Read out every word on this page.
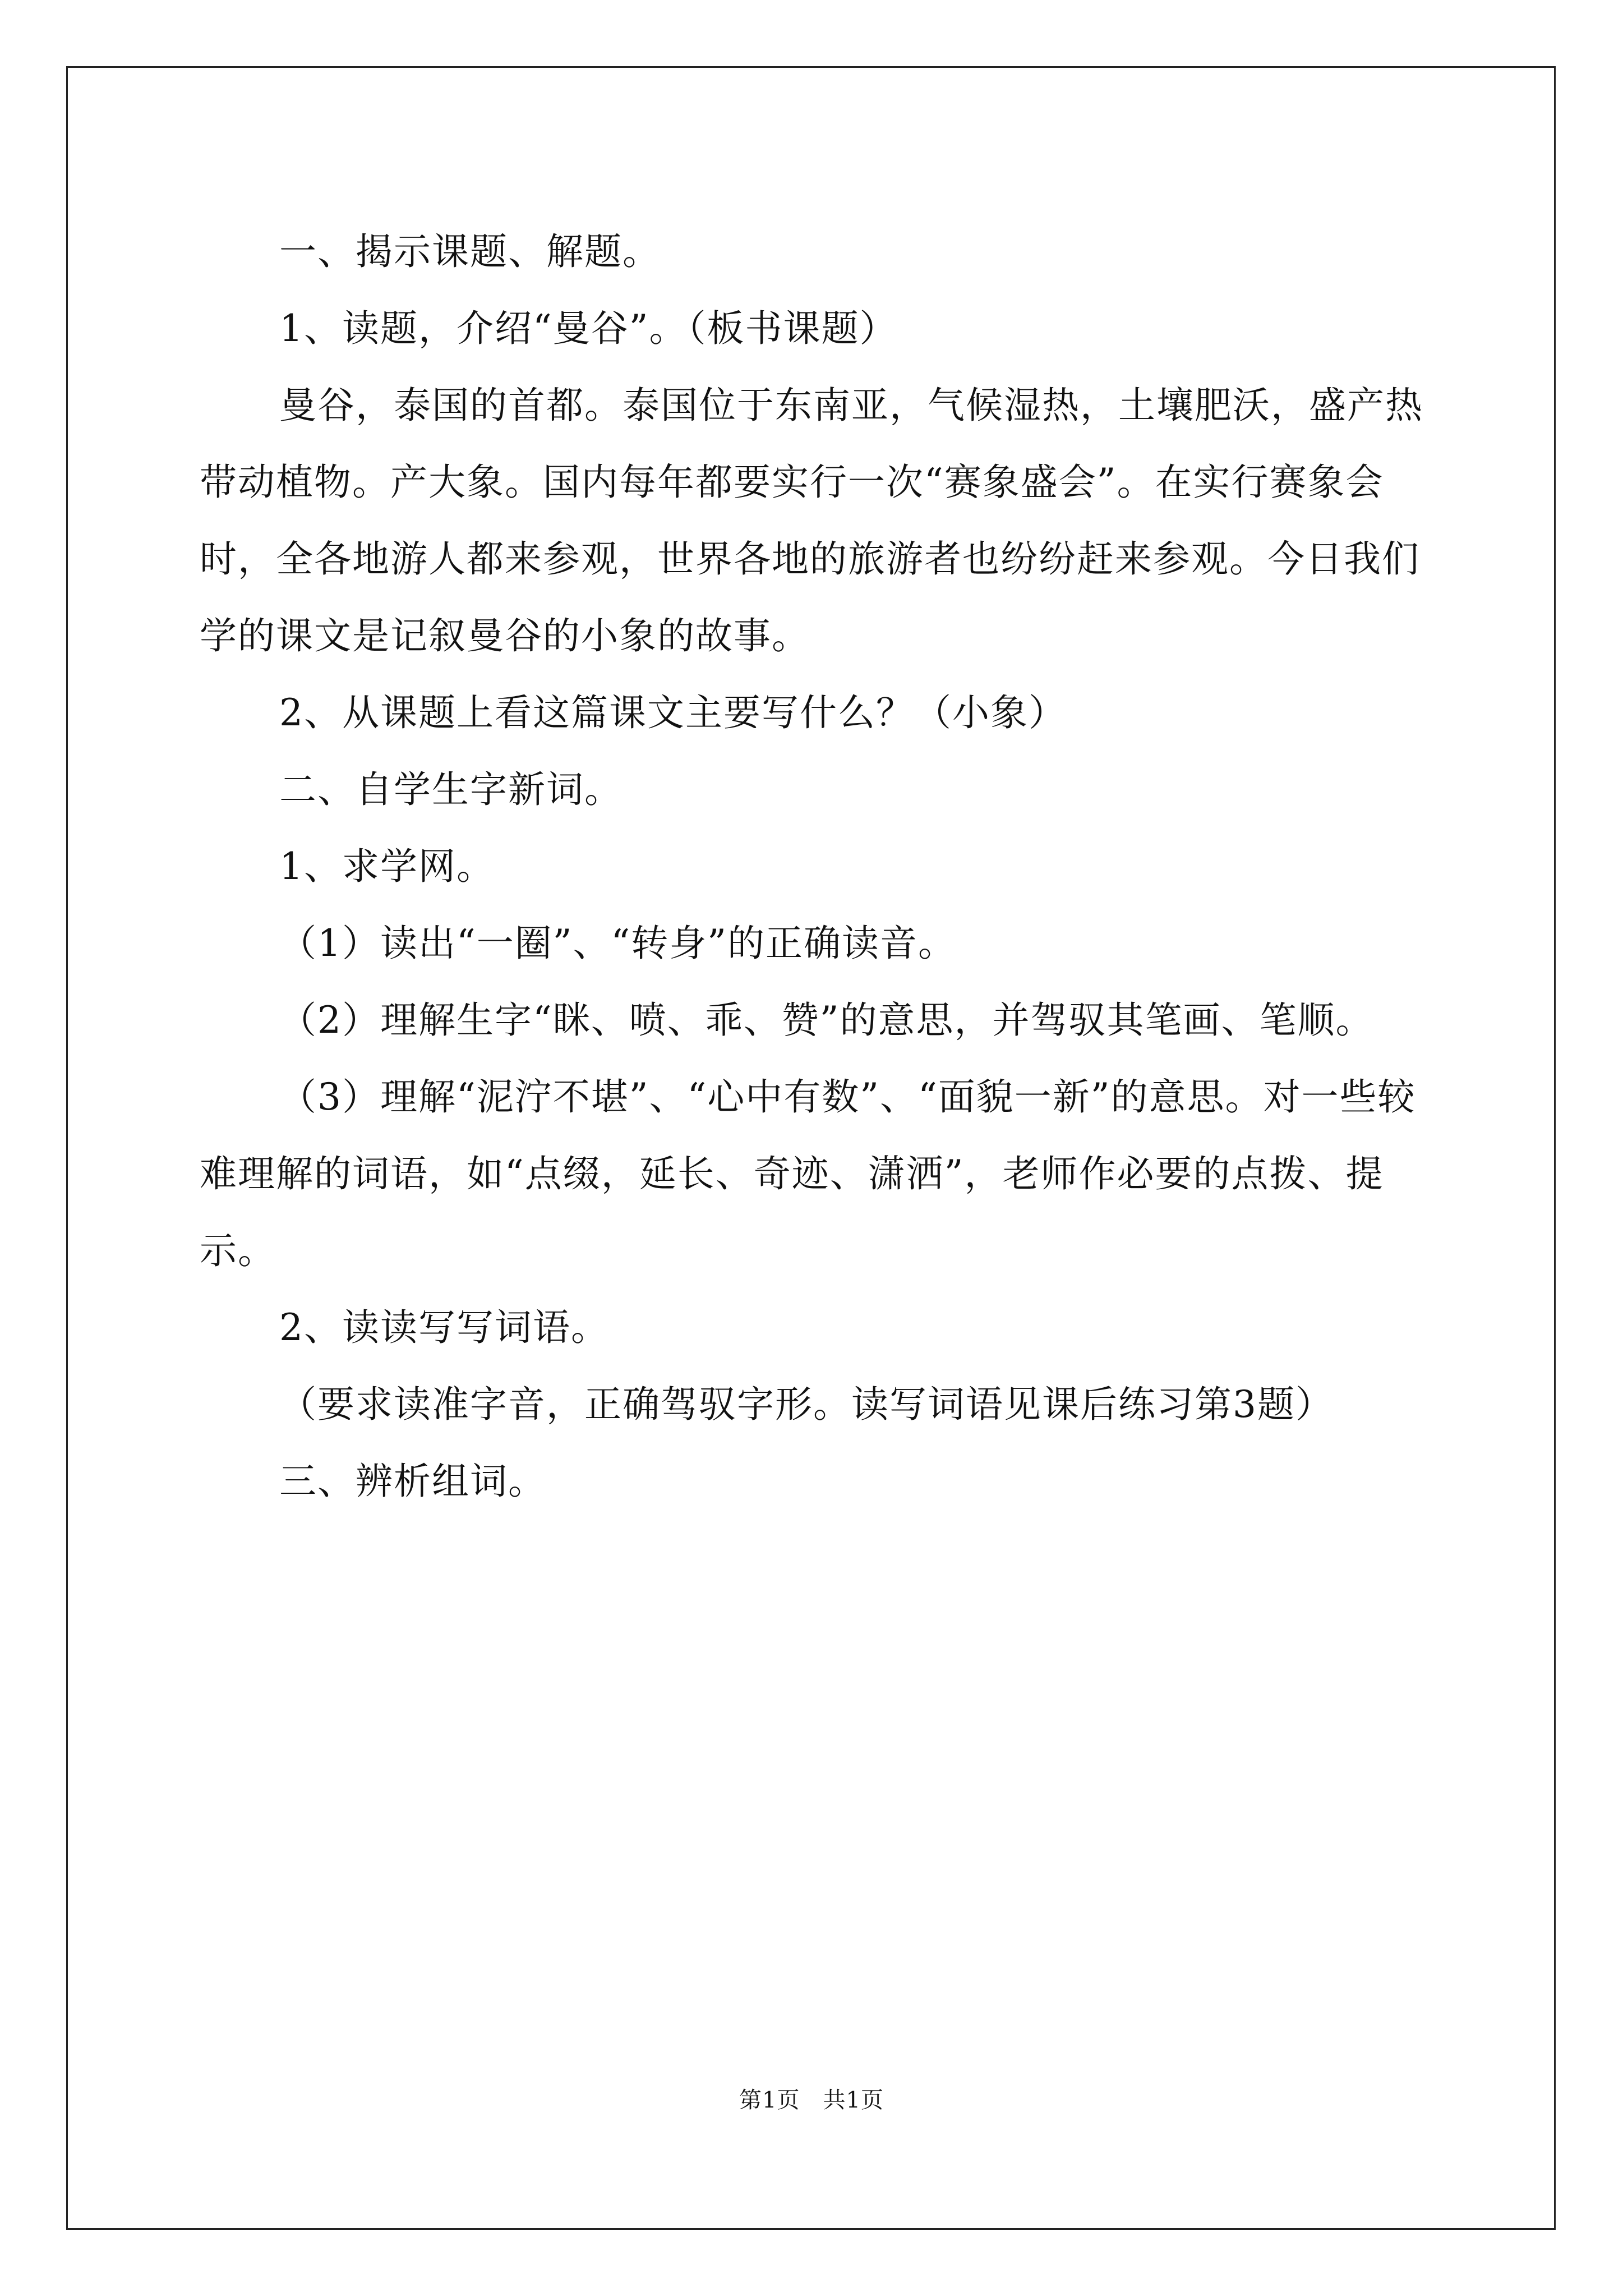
一、揭示课题、解题。

1、读题，介绍“曼谷”。（板书课题）

曼谷，泰国的首都。泰国位于东南亚，气候湿热，土壤肥沃，盛产热带动植物。产大象。国内每年都要实行一次“赛象盛会”。在实行赛象会时，全各地游人都来参观，世界各地的旅游者也纷纷赶来参观。今日我们学的课文是记叙曼谷的小象的故事。

2、从课题上看这篇课文主要写什么？（小象）

二、自学生字新词。

1、求学网。

（1）读出“一圈”、“转身”的正确读音。

（2）理解生字“眯、喷、乖、赞”的意思，并驾驭其笔画、笔顺。

（3）理解“泥泞不堪”、“心中有数”、“面貌一新”的意思。对一些较难理解的词语，如“点缀，延长、奇迹、潇洒”，老师作必要的点拨、提示。

2、读读写写词语。

（要求读准字音，正确驾驭字形。读写词语见课后练习第3题）

三、辨析组词。

第1页　共1页
